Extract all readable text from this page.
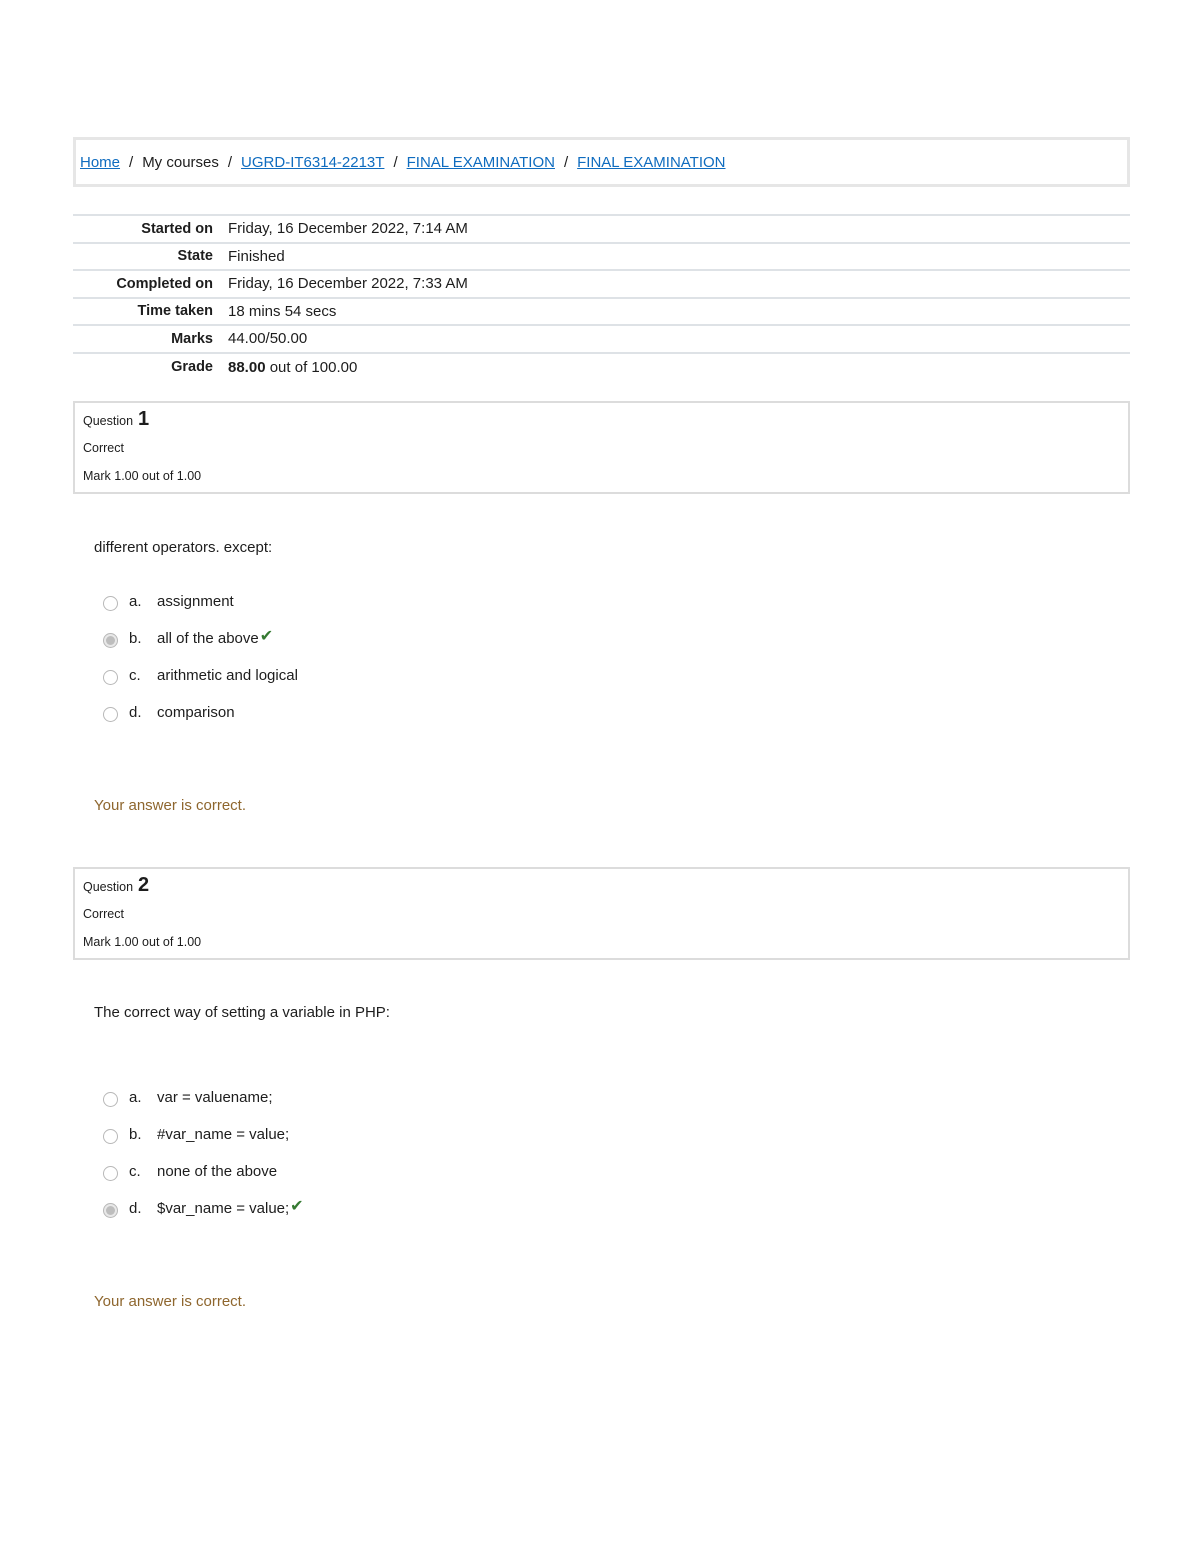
Home / My courses / UGRD-IT6314-2213T / FINAL EXAMINATION / FINAL EXAMINATION
Started on	Friday, 16 December 2022, 7:14 AM
State	Finished
Completed on	Friday, 16 December 2022, 7:33 AM
Time taken	18 mins 54 secs
Marks	44.00/50.00
Grade	88.00 out of 100.00
Question 1
Correct
Mark 1.00 out of 1.00
different operators. except:
a.	assignment
b.	all of the above ✔
c.	arithmetic and logical
d.	comparison
Your answer is correct.
Question 2
Correct
Mark 1.00 out of 1.00
The correct way of setting a variable in PHP:
a.	var = valuename;
b.	#var_name = value;
c.	none of the above
d.	$var_name = value; ✔
Your answer is correct.
